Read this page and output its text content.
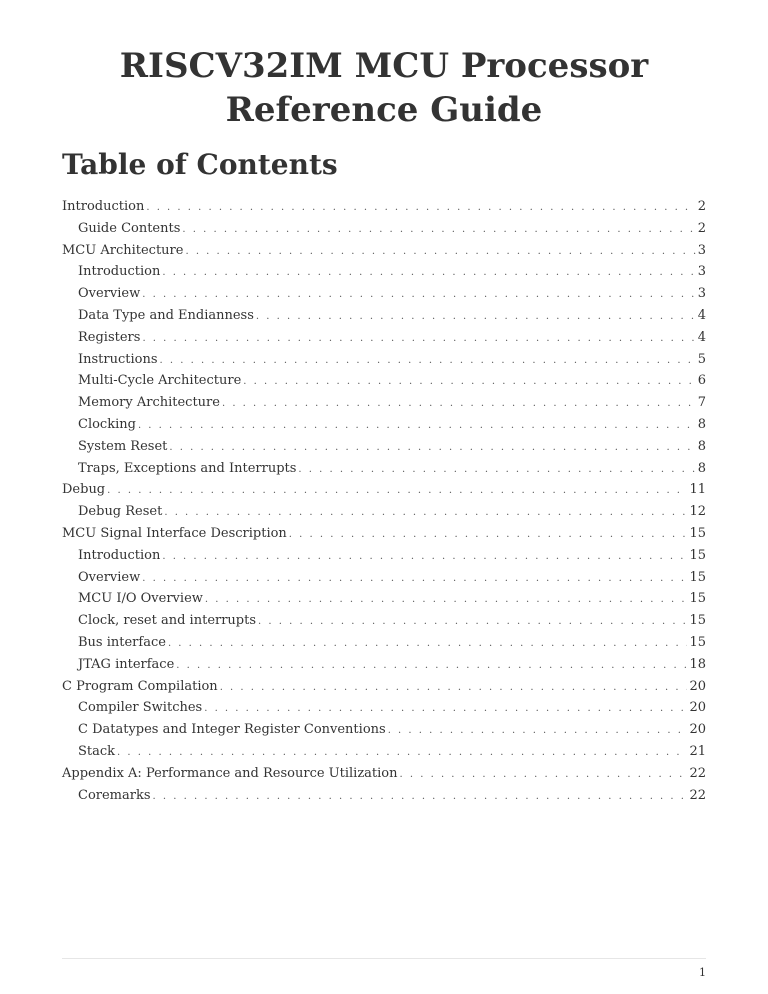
RISCV32IM MCU Processor
Reference Guide
Table of Contents
Introduction . . .	2
Guide Contents . . .	2
MCU Architecture . . .	3
Introduction . . .	3
Overview . . .	3
Data Type and Endianness . . .	4
Registers . . .	4
Instructions . . .	5
Multi-Cycle Architecture . . .	6
Memory Architecture . . .	7
Clocking . . .	8
System Reset . . .	8
Traps, Exceptions and Interrupts . . .	8
Debug . . .	11
Debug Reset . . .	12
MCU Signal Interface Description . . .	15
Introduction . . .	15
Overview . . .	15
MCU I/O Overview . . .	15
Clock, reset and interrupts . . .	15
Bus interface . . .	15
JTAG interface . . .	18
C Program Compilation . . .	20
Compiler Switches . . .	20
C Datatypes and Integer Register Conventions . . .	20
Stack . . .	21
Appendix A: Performance and Resource Utilization . . .	22
Coremarks . . .	22
1
